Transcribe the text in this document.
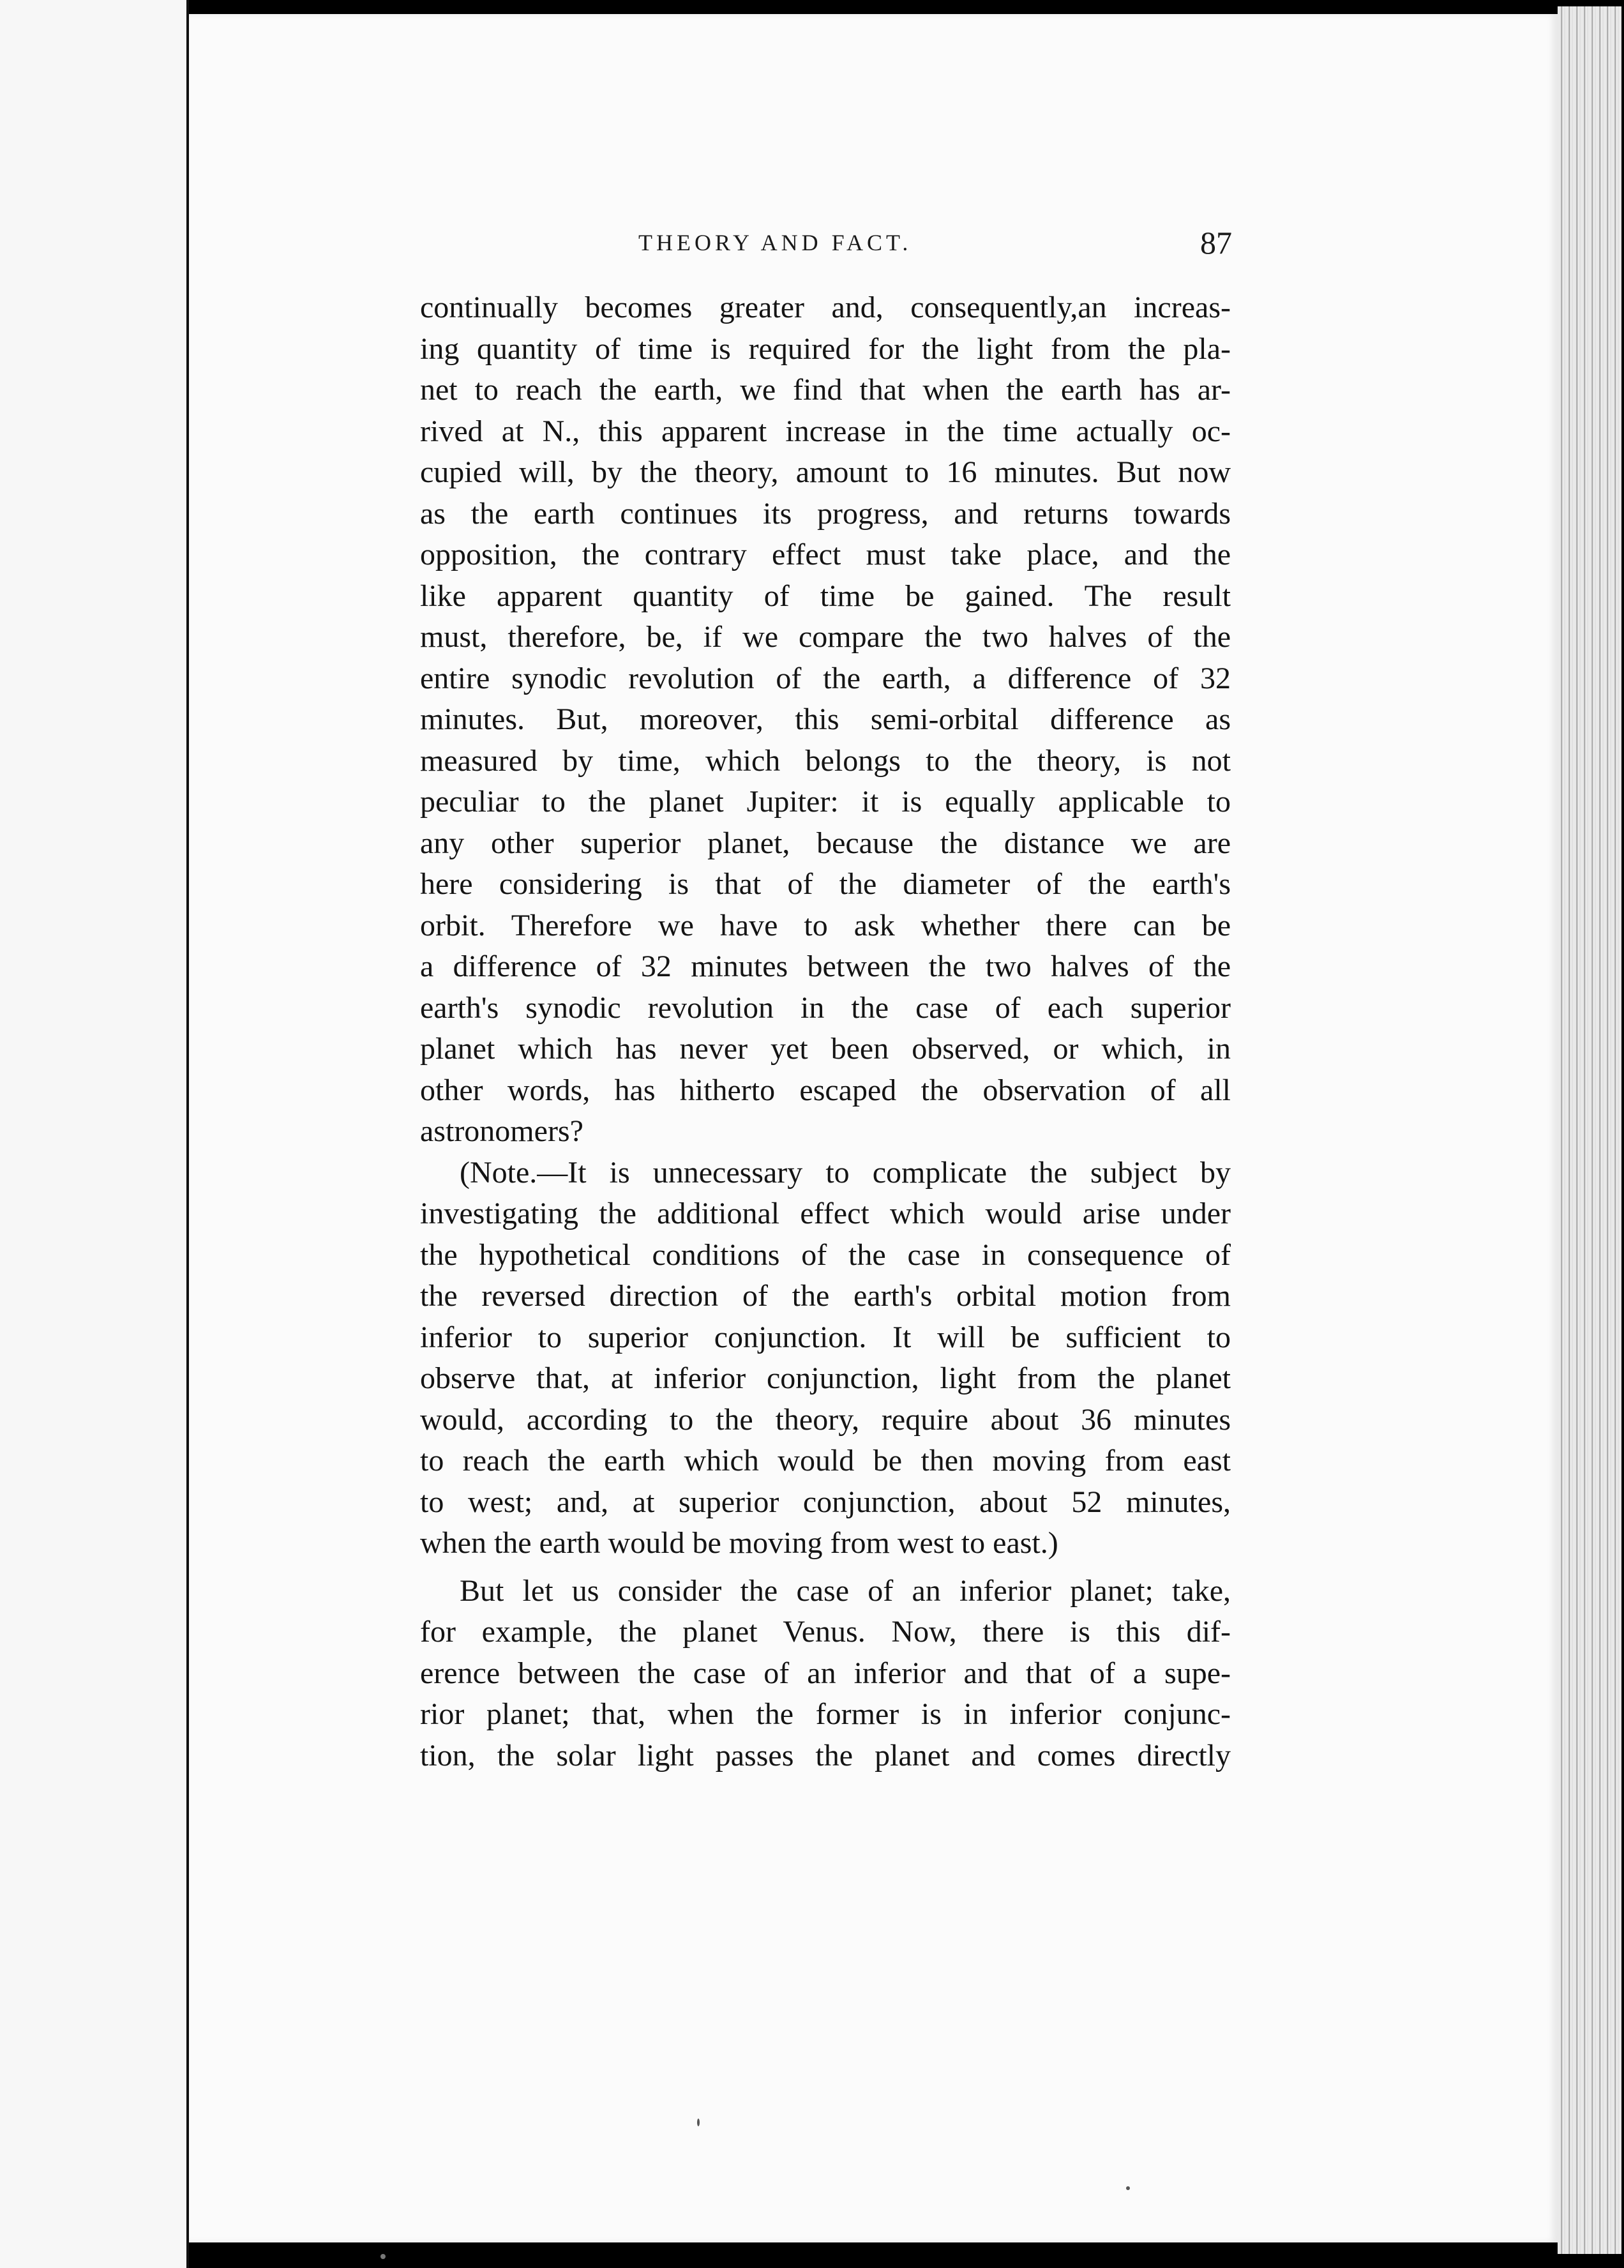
THEORY AND FACT.	87
continually becomes greater and, consequently,an increas-
ing quantity of time is required for the light from the pla-
net to reach the earth, we find that when the earth has ar-
rived at N., this apparent increase in the time actually oc-
cupied will, by the theory, amount to 16 minutes. But now
as the earth continues its progress, and returns towards
opposition, the contrary effect must take place, and the
like apparent quantity of time be gained. The result
must, therefore, be, if we compare the two halves of the
entire synodic revolution of the earth, a difference of 32
minutes. But, moreover, this semi-orbital difference as
measured by time, which belongs to the theory, is not
peculiar to the planet Jupiter: it is equally applicable to
any other superior planet, because the distance we are
here considering is that of the diameter of the earth's
orbit. Therefore we have to ask whether there can be
a difference of 32 minutes between the two halves of the
earth's synodic revolution in the case of each superior
planet which has never yet been observed, or which, in
other words, has hitherto escaped the observation of all
astronomers?
(Note.—It is unnecessary to complicate the subject by
investigating the additional effect which would arise under
the hypothetical conditions of the case in consequence of
the reversed direction of the earth's orbital motion from
inferior to superior conjunction. It will be sufficient to
observe that, at inferior conjunction, light from the planet
would, according to the theory, require about 36 minutes
to reach the earth which would be then moving from east
to west; and, at superior conjunction, about 52 minutes,
when the earth would be moving from west to east.)
But let us consider the case of an inferior planet; take,
for example, the planet Venus. Now, there is this dif-
erence between the case of an inferior and that of a supe-
rior planet; that, when the former is in inferior conjunc-
tion, the solar light passes the planet and comes directly
